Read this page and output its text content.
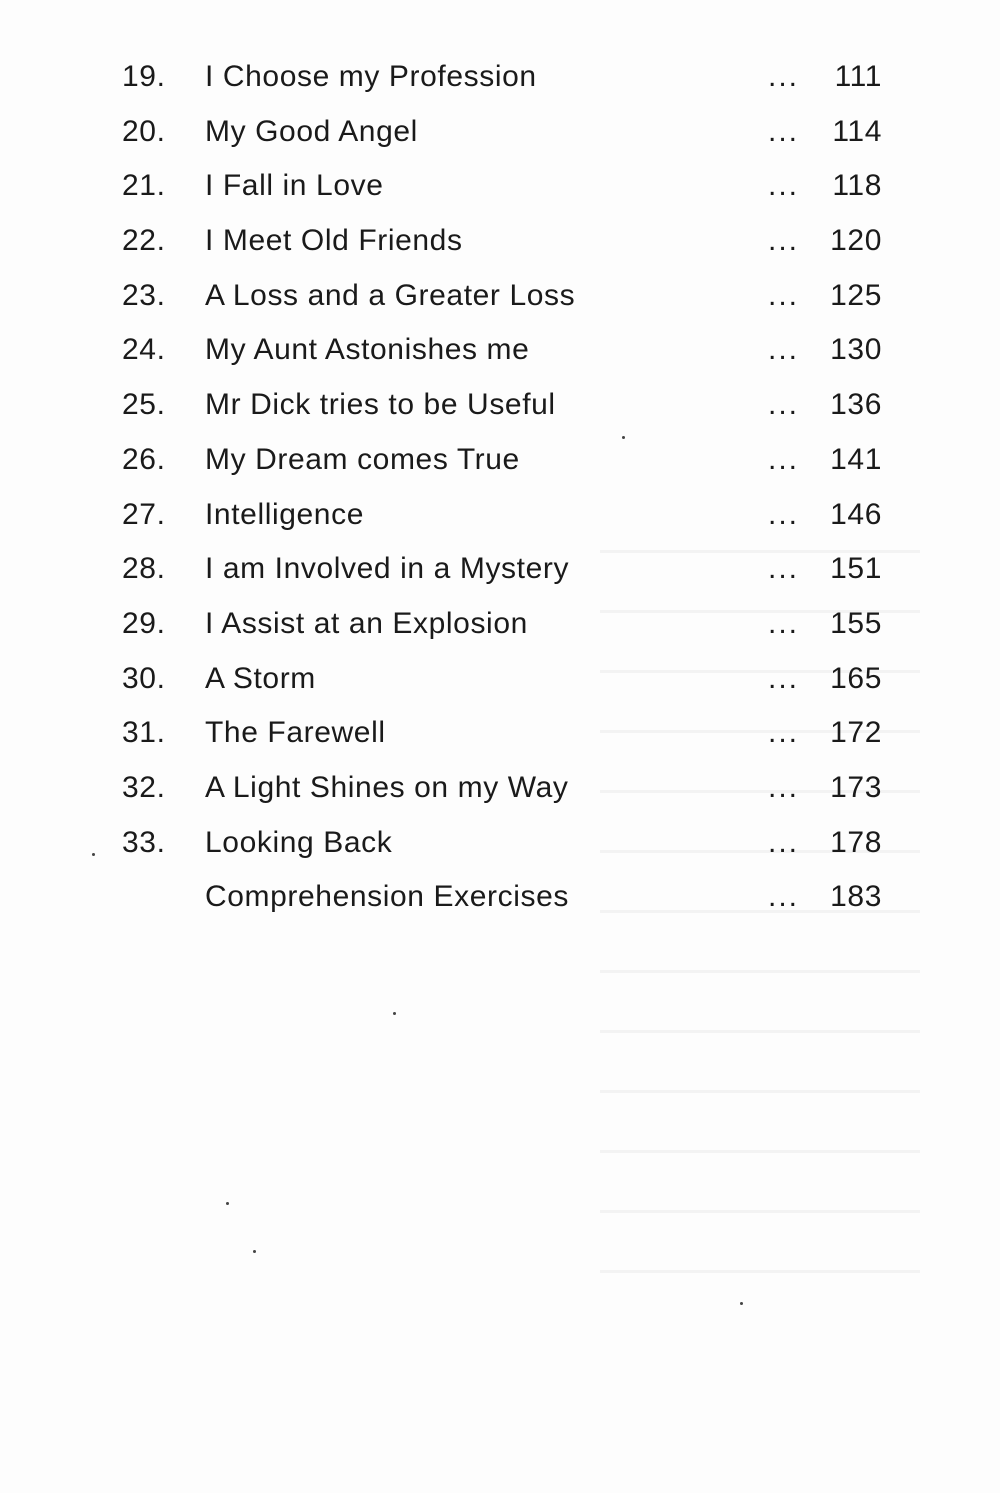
19.	I Choose my Profession	...	111
20.	My Good Angel	...	114
21.	I Fall in Love	...	118
22.	I Meet Old Friends	... 120
23.	A Loss and a Greater Loss	... 125
24.	My Aunt Astonishes me	... 130
25.	Mr Dick tries to be Useful	... 136
26.	My Dream comes True	... 141
27.	Intelligence	... 146
28.	I am Involved in a Mystery	... 151
29.	I Assist at an Explosion	... 155
30.	A Storm	... 165
31.	The Farewell	... 172
32.	A Light Shines on my Way	... 173
33.	Looking Back	... 178
Comprehension Exercises	... 183
